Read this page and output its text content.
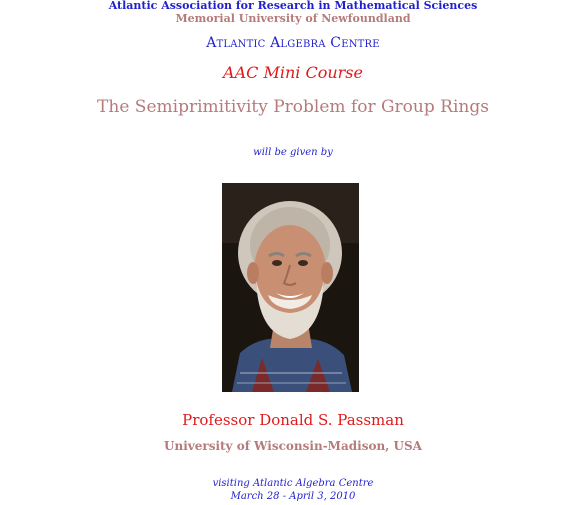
Atlantic Association for Research in Mathematical Sciences
Memorial University of Newfoundland
Atlantic Algebra Centre
AAC Mini Course
The Semiprimitivity Problem for Group Rings
will be given by
Professor Donald S. Passman
University of Wisconsin-Madison, USA
visiting Atlantic Algebra Centre
March 28 - April 3, 2010
